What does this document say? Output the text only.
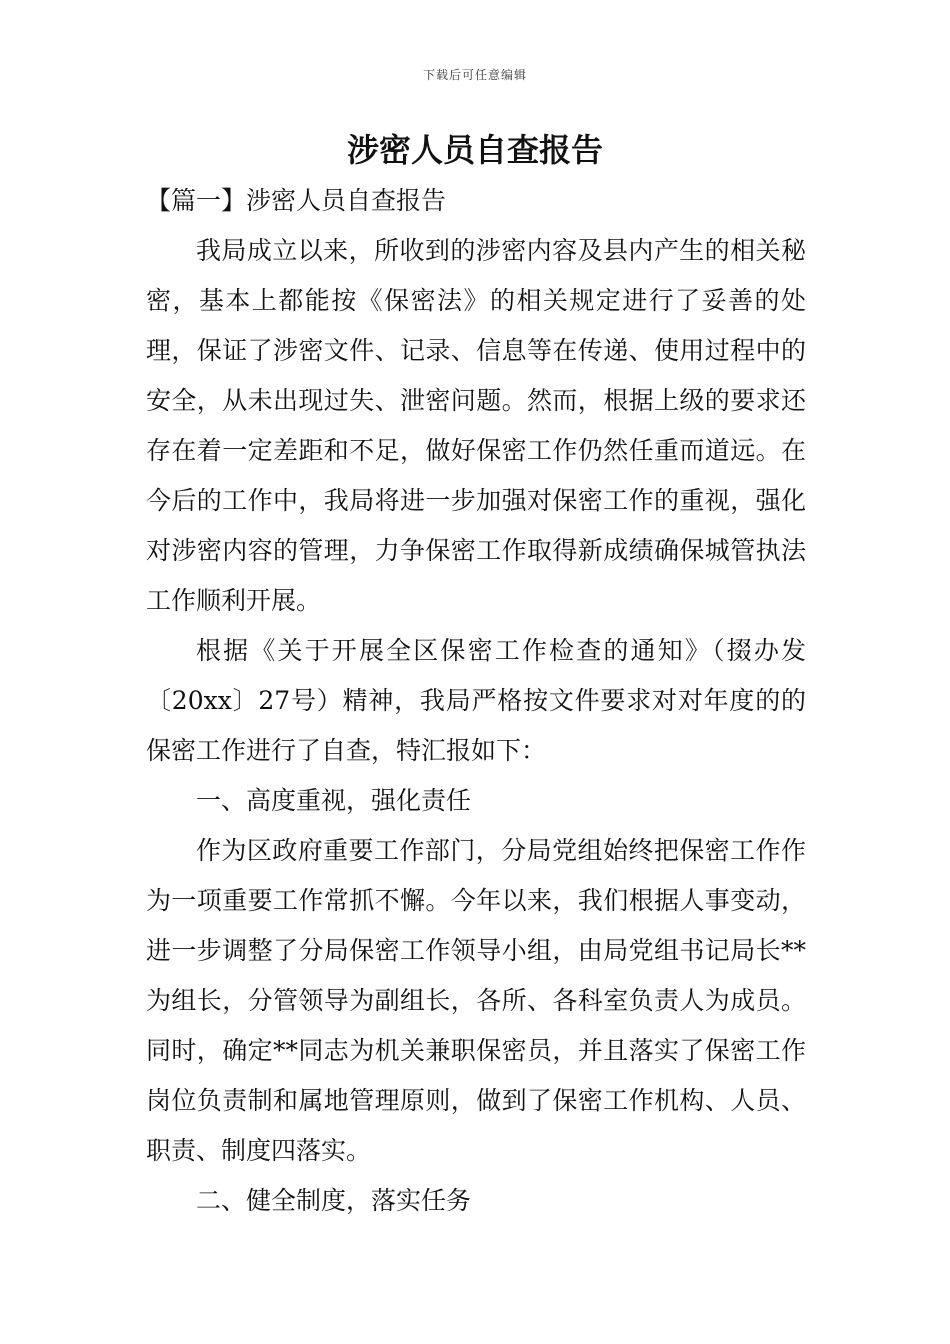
下载后可任意编辑
涉密人员自查报告

【篇一】涉密人员自查报告

我局成立以来，所收到的涉密内容及县内产生的相关秘密，基本上都能按《保密法》的相关规定进行了妥善的处理，保证了涉密文件、记录、信息等在传递、使用过程中的安全，从未出现过失、泄密问题。然而，根据上级的要求还存在着一定差距和不足，做好保密工作仍然任重而道远。在今后的工作中，我局将进一步加强对保密工作的重视，强化对涉密内容的管理，力争保密工作取得新成绩确保城管执法工作顺利开展。

根据《关于开展全区保密工作检查的通知》（掇办发〔20xx〕27号）精神，我局严格按文件要求对对年度的的保密工作进行了自查，特汇报如下：

一、高度重视，强化责任

作为区政府重要工作部门，分局党组始终把保密工作作为一项重要工作常抓不懈。今年以来，我们根据人事变动，进一步调整了分局保密工作领导小组，由局党组书记局长**为组长，分管领导为副组长，各所、各科室负责人为成员。同时，确定**同志为机关兼职保密员，并且落实了保密工作岗位负责制和属地管理原则，做到了保密工作机构、人员、职责、制度四落实。

二、健全制度，落实任务
